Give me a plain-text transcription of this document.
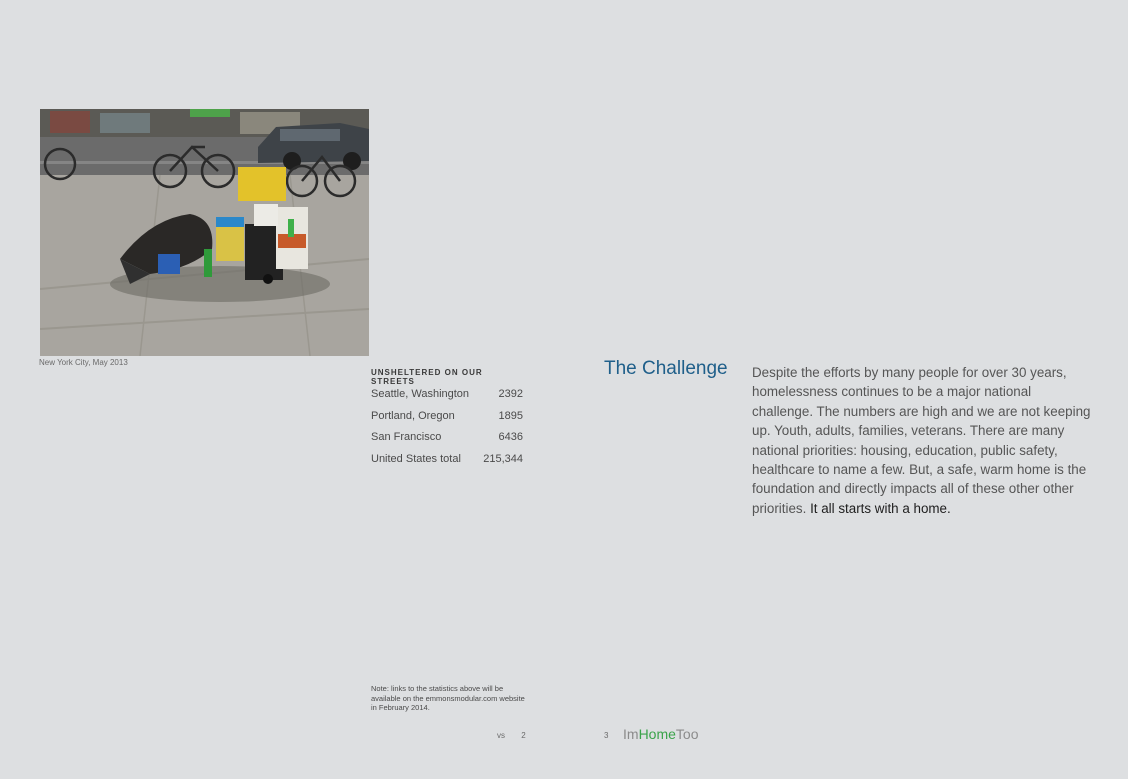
New York City, May 2013
UNSHELTERED ON OUR STREETS
Seattle, Washington	2392
Portland, Oregon	1895
San Francisco	6436
United States total 215,344
Note: links to the statistics above will be available on the emmonsmodular.com website in February 2014.
vs 2	3 ImHomeToo
The Challenge Despite the efforts by many people for over 30 years, homelessness continues to be a major national challenge. The numbers are high and we are not keeping up. Youth, adults, families, veterans. There are many national priorities: housing, education, public safety, healthcare to name a few. But, a safe, warm home is the foundation and directly impacts all of these other other priorities. It all starts with a home.
